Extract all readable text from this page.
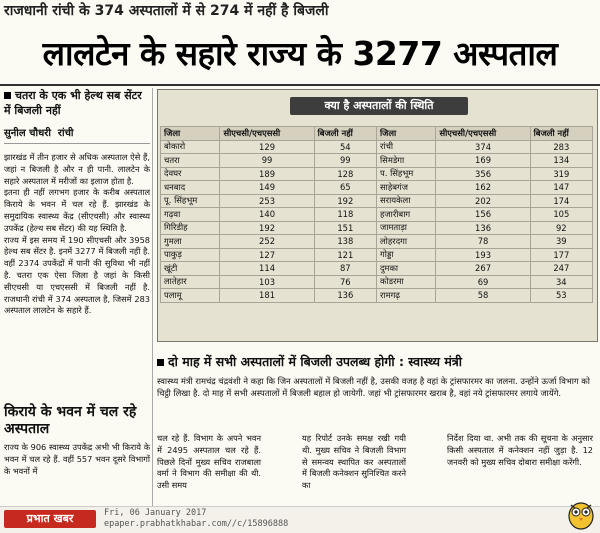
राजधानी रांची के 374 अस्पतालों में से 274 में नहीं है बिजली
लालटेन के सहारे राज्य के 3277 अस्पताल
चतरा के एक भी हेल्थ सब सेंटर में बिजली नहीं
सुनील चौधरी रांची

झारखंड में तीन हजार से अधिक अस्पताल ऐसे हैं, जहां न बिजली है और न ही पानी. लालटेन के सहारे अस्पताल में मरीजों का इलाज होता है.

इतना ही नहीं लगभग हजार के करीब अस्पताल किराये के भवन में चल रहे हैं. झारखंड के समुदायिक स्वास्थ्य केंद्र (सीएचसी) और स्वास्थ्य उपकेंद्र (हेल्थ सब सेंटर) की यह स्थिति है.

राज्य में इस समय में 190 सीएचसी और 3958 हेल्थ सब सेंटर है. इनमें 3277 में बिजली नहीं है. वहीं 2374 उपकेंद्रों में पानी की सुविधा भी नहीं है. चतरा एक ऐसा जिला है जहां के किसी सीएचसी या एचएससी में बिजली नहीं है. राजधानी रांची में 374 अस्पताल है, जिसमें 283 अस्पताल लालटेन के सहारे हैं.

किराये के भवन में चल रहे अस्पताल
राज्य के 906 स्वास्थ्य उपकेंद्र अभी भी किराये के भवन में चल रहे हैं. वहीं 557 भवन दूसरे विभागों के भवनों में
क्या है अस्पतालों की स्थिति
जिला	सीएचसी/एचएससी	बिजली नहीं	जिला	सीएचसी/एचएससी	बिजली नहीं
बोकारो	129	54	रांची	374	283
चतरा	99	99	सिमडेगा	169	134
देवघर	189	128	प. सिंहभूम	356	319
धनबाद	149	65	साहेबगंज	162	147
पू. सिंहभूम	253	192	सरायकेला	202	174
गढ़वा	140	118	हजारीबाग	156	105
गिरिडीह	192	151	जामताड़ा	136	92
गुमला	252	138	लोहरदगा	78	39
पाकुड़	127	121	गोड्डा	193	177
खूंटी	114	87	दुमका	267	247
लातेहार	103	76	कोडरमा	69	34
पलामू	181	136	रामगढ़	58	53
दो माह में सभी अस्पतालों में बिजली उपलब्ध होगी : स्वास्थ्य मंत्री
स्वास्थ्य मंत्री रामचंद्र चंद्रवंशी ने कहा कि जिन अस्पतालों में बिजली नहीं है, उसकी वजह है वहां के ट्रांसफारमर का जलना. उन्होंने ऊर्जा विभाग को चिट्ठी लिखा है. दो माह में सभी अस्पतालों में बिजली बहाल हो जायेगी. जहां भी ट्रांसफारमर खराब है, वहां नये ट्रांसफारमर लगाये जायेंगे.
चल रहे हैं. विभाग के अपने भवन में 2495 अस्पताल चल रहे हैं. पिछले दिनों मुख्य सचिव राजबाला वर्मा ने विभाग की समीक्षा की थी. उसी समय
यह रिपोर्ट उनके समक्ष रखी गयी थी. मुख्य सचिव ने बिजली विभाग से समन्वय स्थापित कर अस्पतालों में बिजली कनेक्शन सुनिश्चित करने का
निर्देश दिया था. अभी तक की सूचना के अनुसार किसी अस्पताल में कनेक्शन नहीं जुड़ा है. 12 जनवरी को मुख्य सचिव दोबारा समीक्षा करेंगी.
प्रभात खबर	Fri, 06 January 2017
epaper.prabhatkhabar.com//c/15896888
